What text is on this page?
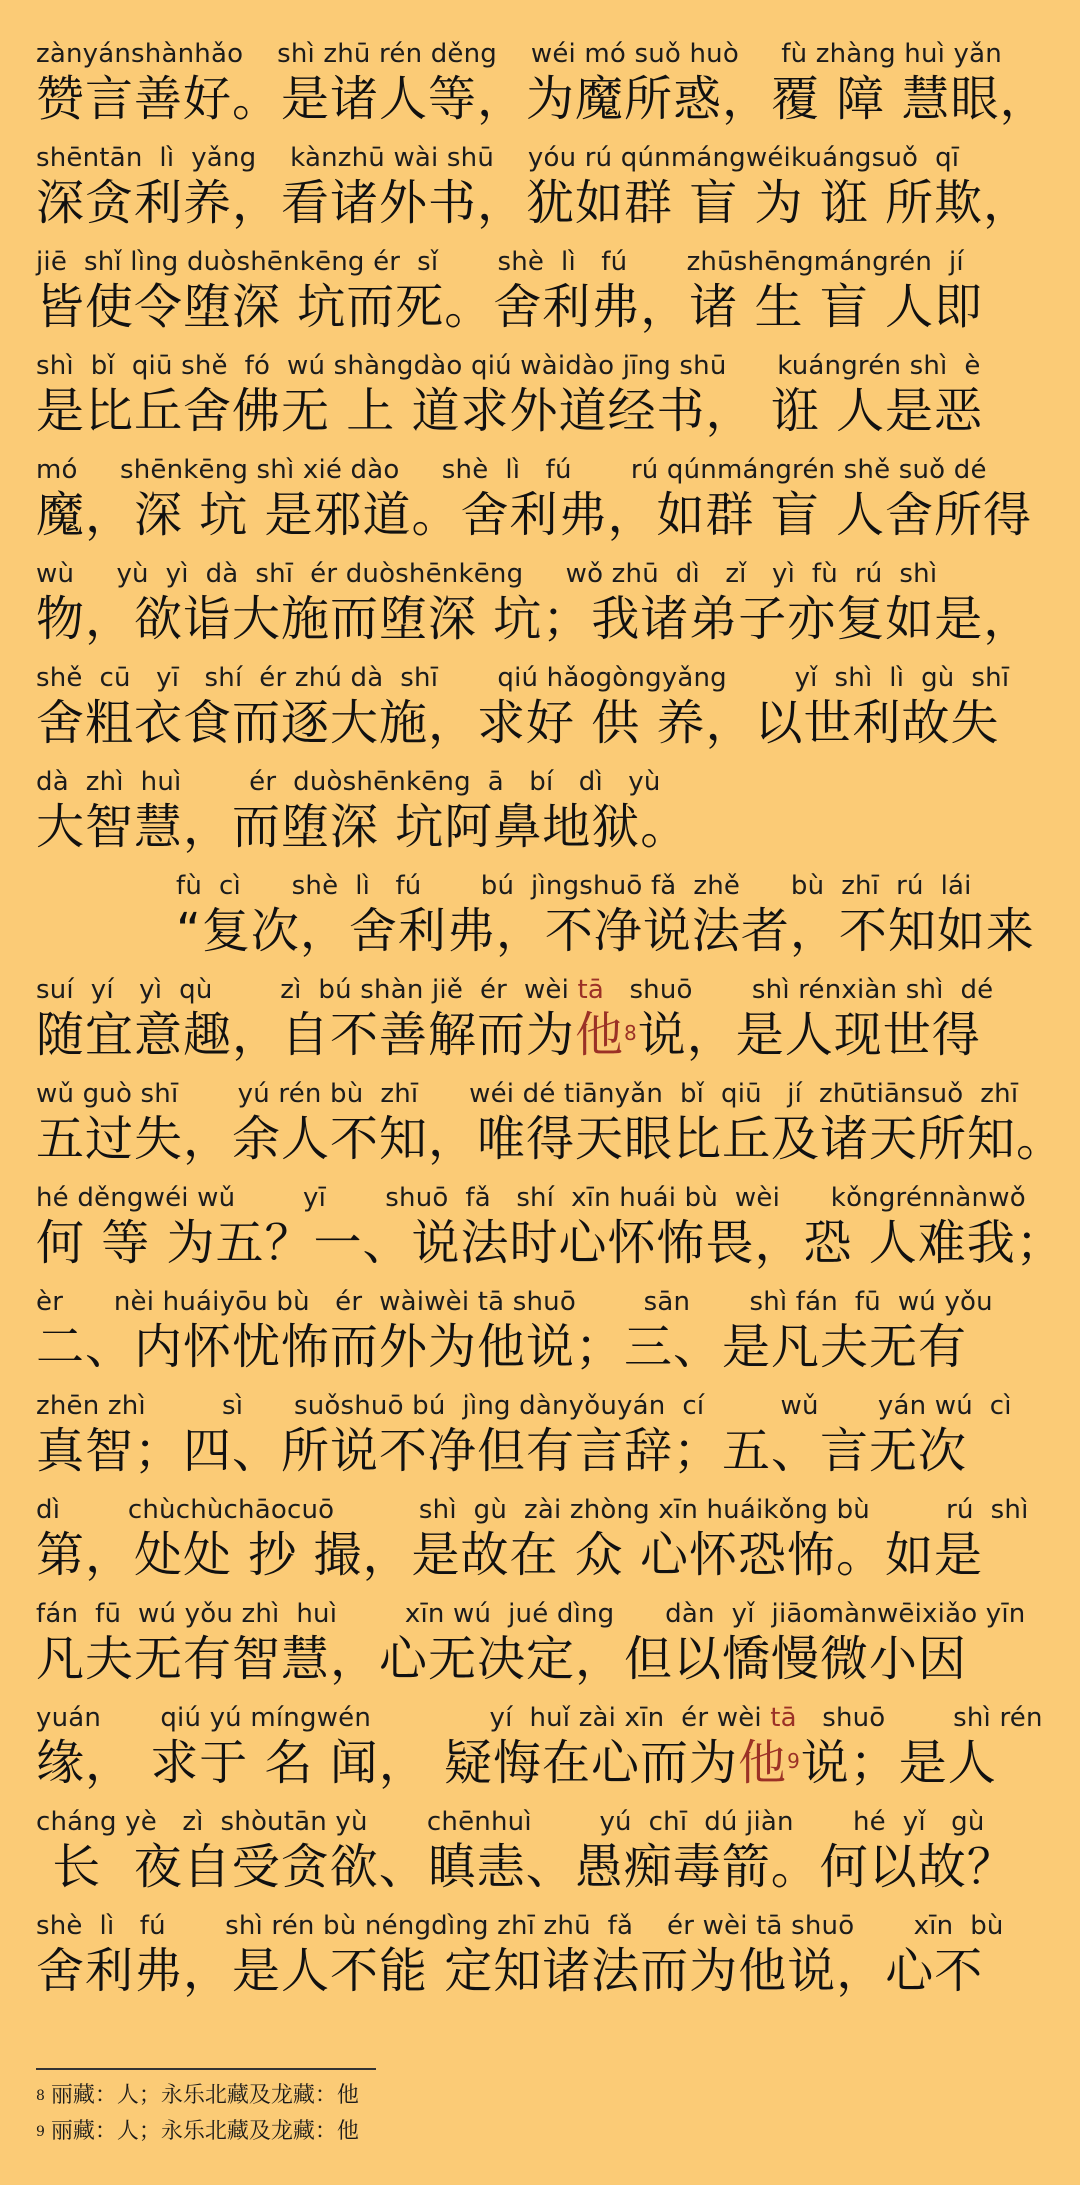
zànyánshànhǎo    shì zhū rén děng    wéi mó suǒ huò     fù zhàng huì yǎn
赞言善好。是诸人等，为魔所惑，覆 障 慧眼，
shēntān  lì  yǎng    kànzhū wài shū    yóu rú qúnmángwéikuángsuǒ  qī
深贪利养，看诸外书，犹如群 盲 为 诳 所欺，
jiē  shǐ lìng duòshēnkēng ér  sǐ       shè  lì   fú       zhūshēngmángrén  jí
皆使令堕深 坑而死。舍利弗，诸 生 盲 人即
shì  bǐ  qiū shě  fó  wú shàngdào qiú wàidào jīng shū      kuángrén shì  è
是比丘舍佛无 上 道求外道经书， 诳 人是恶
mó     shēnkēng shì xié dào     shè  lì   fú       rú qúnmángrén shě suǒ dé
魔，深 坑 是邪道。舍利弗，如群 盲 人舍所得
wù     yù  yì  dà  shī  ér duòshēnkēng     wǒ zhū  dì   zǐ   yì  fù  rú  shì
物，欲诣大施而堕深 坑；我诸弟子亦复如是，
shě  cū   yī   shí  ér zhú dà  shī       qiú hǎogòngyǎng        yǐ  shì  lì  gù  shī
舍粗衣食而逐大施，求好 供 养，以世利故失
dà  zhì  huì        ér  duòshēnkēng  ā   bí   dì   yù
大智慧，而堕深 坑阿鼻地狱。
fù  cì      shè  lì   fú       bú  jìngshuō fǎ  zhě      bù  zhī  rú  lái
“复次，舍利弗，不净说法者，不知如来
suí  yí   yì  qù        zì  bú shàn jiě  ér  wèi tā   shuō       shì rénxiàn shì  dé
随宜意趣，自不善解而为他$^8$说，是人现世得
wǔ guò shī       yú rén bù  zhī      wéi dé tiānyǎn  bǐ  qiū   jí  zhūtiānsuǒ  zhī
五过失，余人不知，唯得天眼比丘及诸天所知。
hé děngwéi wǔ        yī       shuō  fǎ   shí  xīn huái bù  wèi      kǒngrénnànwǒ
何 等 为五？一、说法时心怀怖畏，恐 人难我；
èr      nèi huáiyōu bù   ér  wàiwèi tā shuō        sān       shì fán  fū  wú yǒu
二、内怀忧怖而外为他说；三、是凡夫无有
zhēn zhì         sì      suǒshuō bú  jìng dànyǒuyán  cí         wǔ       yán wú  cì
真智；四、所说不净但有言辞；五、言无次
dì        chùchùchāocuō          shì  gù  zài zhòng xīn huáikǒng bù         rú  shì
第，处处 抄 撮，是故在 众 心怀恐怖。如是
fán  fū  wú yǒu zhì  huì        xīn wú  jué dìng      dàn  yǐ  jiāomànwēixiǎo yīn
凡夫无有智慧，心无决定，但以憍慢微小因
yuán       qiú yú míngwén              yí  huǐ zài xīn  ér wèi tā   shuō        shì rén
缘， 求于 名 闻， 疑悔在心而为他$^9$说；是人
cháng yè   zì  shòutān yù       chēnhuì        yú  chī  dú jiàn       hé  yǐ   gù
长  夜自受贪欲、瞋恚、愚痴毒箭。何以故？
shè  lì   fú       shì rén bù néngdìng zhī zhū  fǎ    ér wèi tā shuō       xīn  bù
舍利弗，是人不能 定知诸法而为他说，心不
$^8$ 丽藏：人；永乐北藏及龙藏：他
$^9$ 丽藏：人；永乐北藏及龙藏：他
